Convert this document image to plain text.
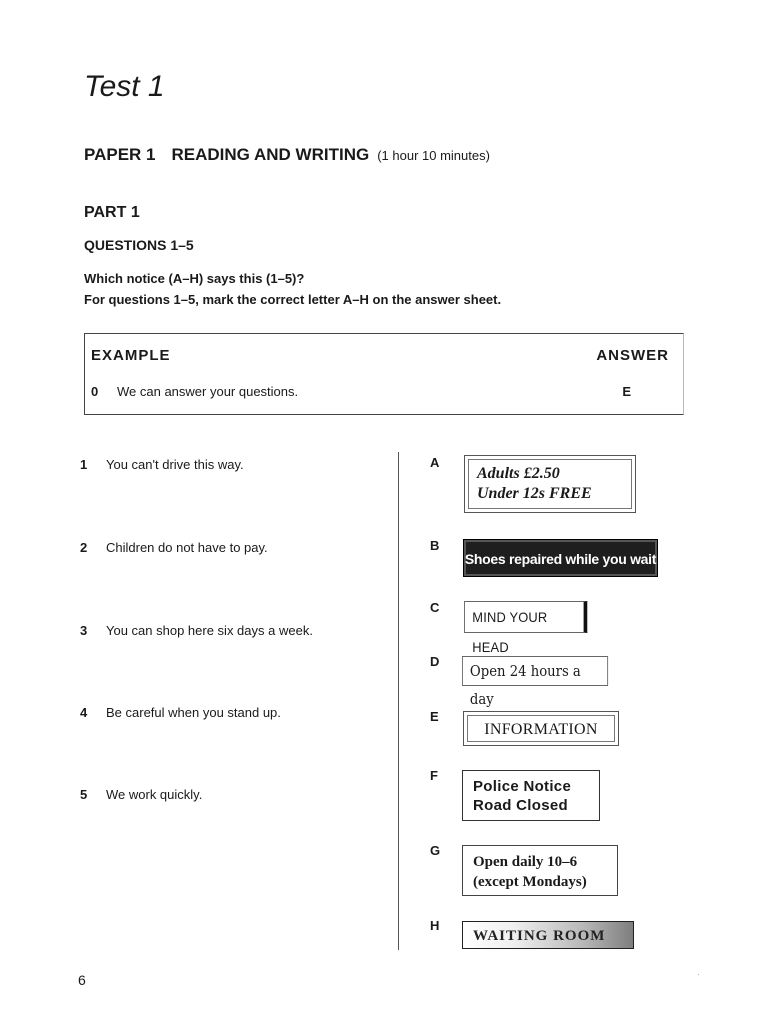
Test 1
PAPER 1 READING AND WRITING (1 hour 10 minutes)
PART 1
QUESTIONS 1–5
Which notice (A–H) says this (1–5)?
For questions 1–5, mark the correct letter A–H on the answer sheet.
EXAMPLE	ANSWER
0 We can answer your questions.	E
1 You can't drive this way.
2 Children do not have to pay.
3 You can shop here six days a week.
4 Be careful when you stand up.
5 We work quickly.
A
Adults £2.50
Under 12s FREE
B
Shoes repaired while you wait
C
MIND YOUR HEAD
D
Open 24 hours a day
E
INFORMATION
F
Police Notice
Road Closed
G
Open daily 10–6
(except Mondays)
H
WAITING ROOM
6	·
